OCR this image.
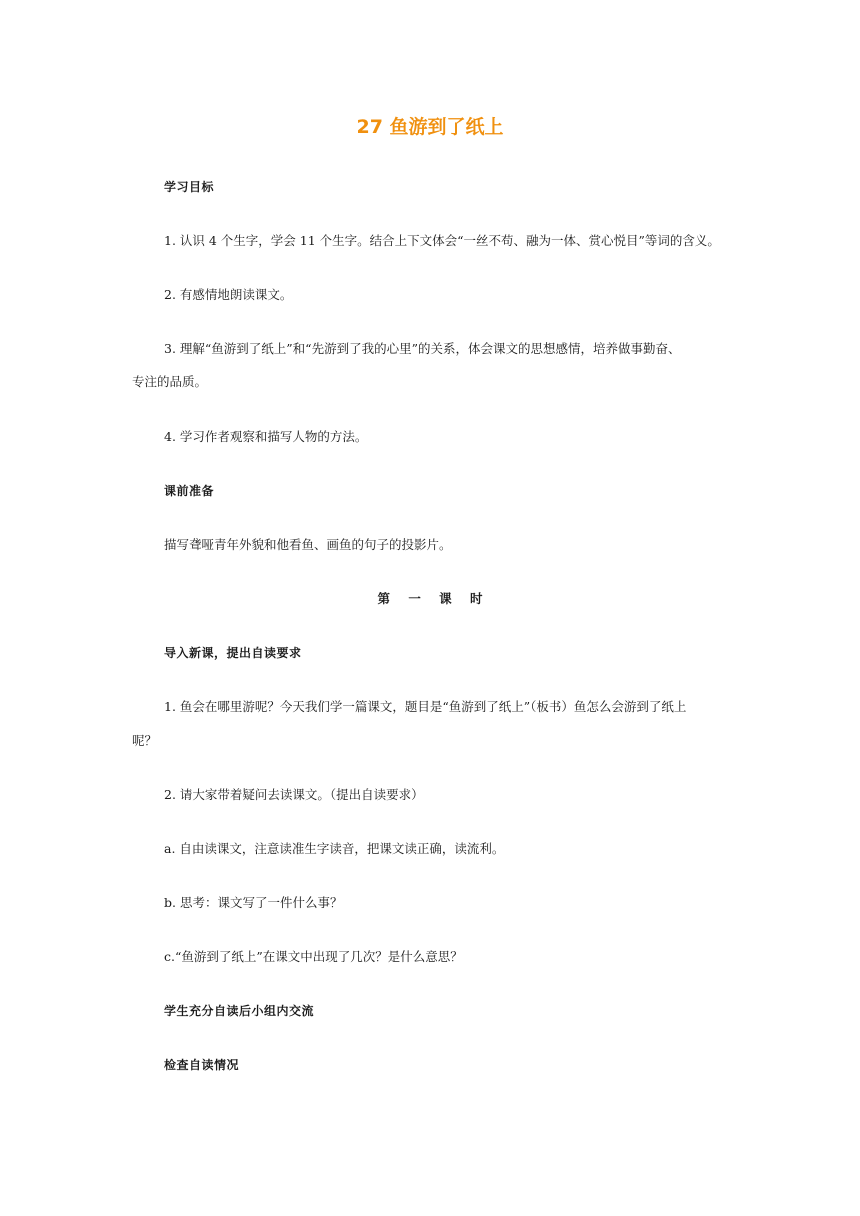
27 鱼游到了纸上

学习目标

1. 认识 4 个生字，学会 11 个生字。结合上下文体会“一丝不苟、融为一体、赏心悦目”等词的含义。

2. 有感情地朗读课文。

3. 理解“鱼游到了纸上”和“先游到了我的心里”的关系，体会课文的思想感情，培养做事勤奋、

专注的品质。

4. 学习作者观察和描写人物的方法。

课前准备

描写聋哑青年外貌和他看鱼、画鱼的句子的投影片。

第 一 课 时

导入新课，提出自读要求

1. 鱼会在哪里游呢？今天我们学一篇课文，题目是“鱼游到了纸上”（板书）鱼怎么会游到了纸上

呢？

2. 请大家带着疑问去读课文。（提出自读要求）

a. 自由读课文，注意读准生字读音，把课文读正确，读流利。

b. 思考：课文写了一件什么事？

c.“鱼游到了纸上”在课文中出现了几次？是什么意思？

学生充分自读后小组内交流

检查自读情况
